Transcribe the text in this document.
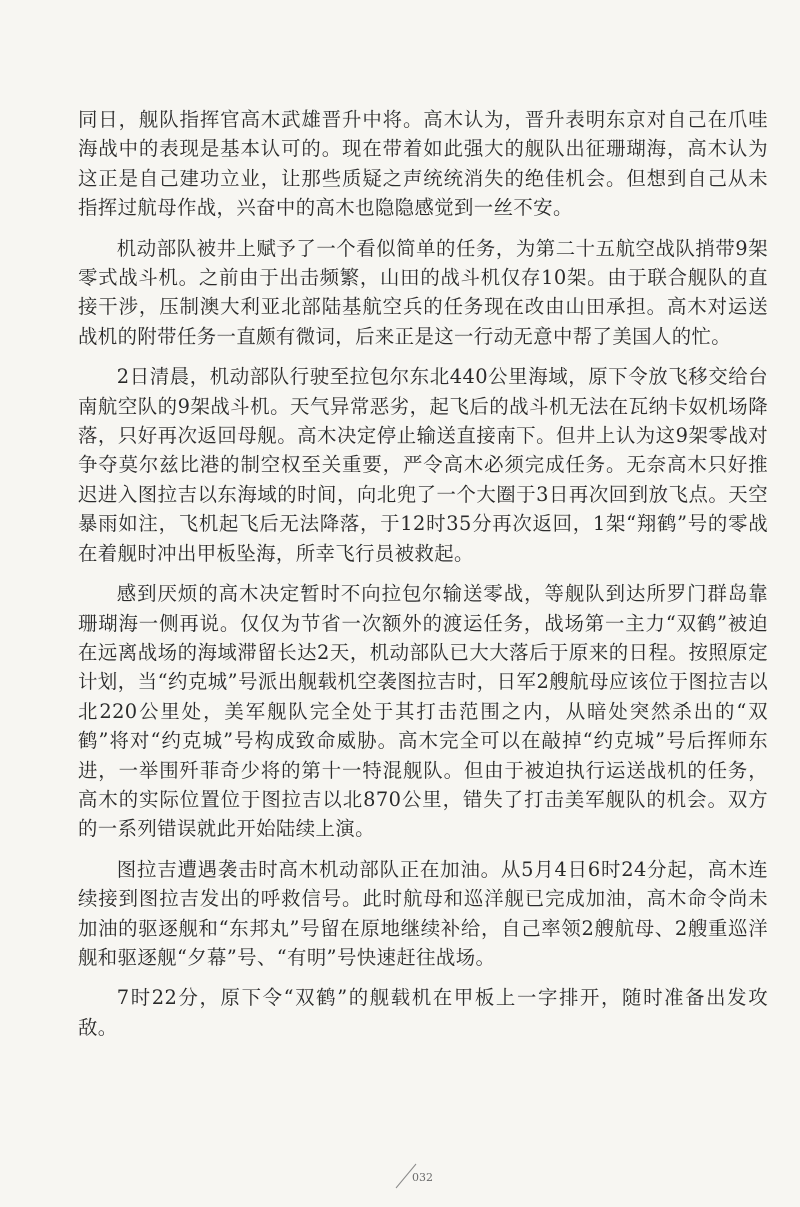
同日，舰队指挥官高木武雄晋升中将。高木认为，晋升表明东京对自己在爪哇海战中的表现是基本认可的。现在带着如此强大的舰队出征珊瑚海，高木认为这正是自己建功立业，让那些质疑之声统统消失的绝佳机会。但想到自己从未指挥过航母作战，兴奋中的高木也隐隐感觉到一丝不安。

机动部队被井上赋予了一个看似简单的任务，为第二十五航空战队捎带9架零式战斗机。之前由于出击频繁，山田的战斗机仅存10架。由于联合舰队的直接干涉，压制澳大利亚北部陆基航空兵的任务现在改由山田承担。高木对运送战机的附带任务一直颇有微词，后来正是这一行动无意中帮了美国人的忙。

2日清晨，机动部队行驶至拉包尔东北440公里海域，原下令放飞移交给台南航空队的9架战斗机。天气异常恶劣，起飞后的战斗机无法在瓦纳卡奴机场降落，只好再次返回母舰。高木决定停止输送直接南下。但井上认为这9架零战对争夺莫尔兹比港的制空权至关重要，严令高木必须完成任务。无奈高木只好推迟进入图拉吉以东海域的时间，向北兜了一个大圈于3日再次回到放飞点。天空暴雨如注，飞机起飞后无法降落，于12时35分再次返回，1架“翔鹤”号的零战在着舰时冲出甲板坠海，所幸飞行员被救起。

感到厌烦的高木决定暂时不向拉包尔输送零战，等舰队到达所罗门群岛靠珊瑚海一侧再说。仅仅为节省一次额外的渡运任务，战场第一主力“双鹤”被迫在远离战场的海域滞留长达2天，机动部队已大大落后于原来的日程。按照原定计划，当“约克城”号派出舰载机空袭图拉吉时，日军2艘航母应该位于图拉吉以北220公里处，美军舰队完全处于其打击范围之内，从暗处突然杀出的“双鹤”将对“约克城”号构成致命威胁。高木完全可以在敲掉“约克城”号后挥师东进，一举围歼菲奇少将的第十一特混舰队。但由于被迫执行运送战机的任务，高木的实际位置位于图拉吉以北870公里，错失了打击美军舰队的机会。双方的一系列错误就此开始陆续上演。

图拉吉遭遇袭击时高木机动部队正在加油。从5月4日6时24分起，高木连续接到图拉吉发出的呼救信号。此时航母和巡洋舰已完成加油，高木命令尚未加油的驱逐舰和“东邦丸”号留在原地继续补给，自己率领2艘航母、2艘重巡洋舰和驱逐舰“夕幕”号、“有明”号快速赶往战场。

7时22分，原下令“双鹤”的舰载机在甲板上一字排开，随时准备出发攻敌。

032
